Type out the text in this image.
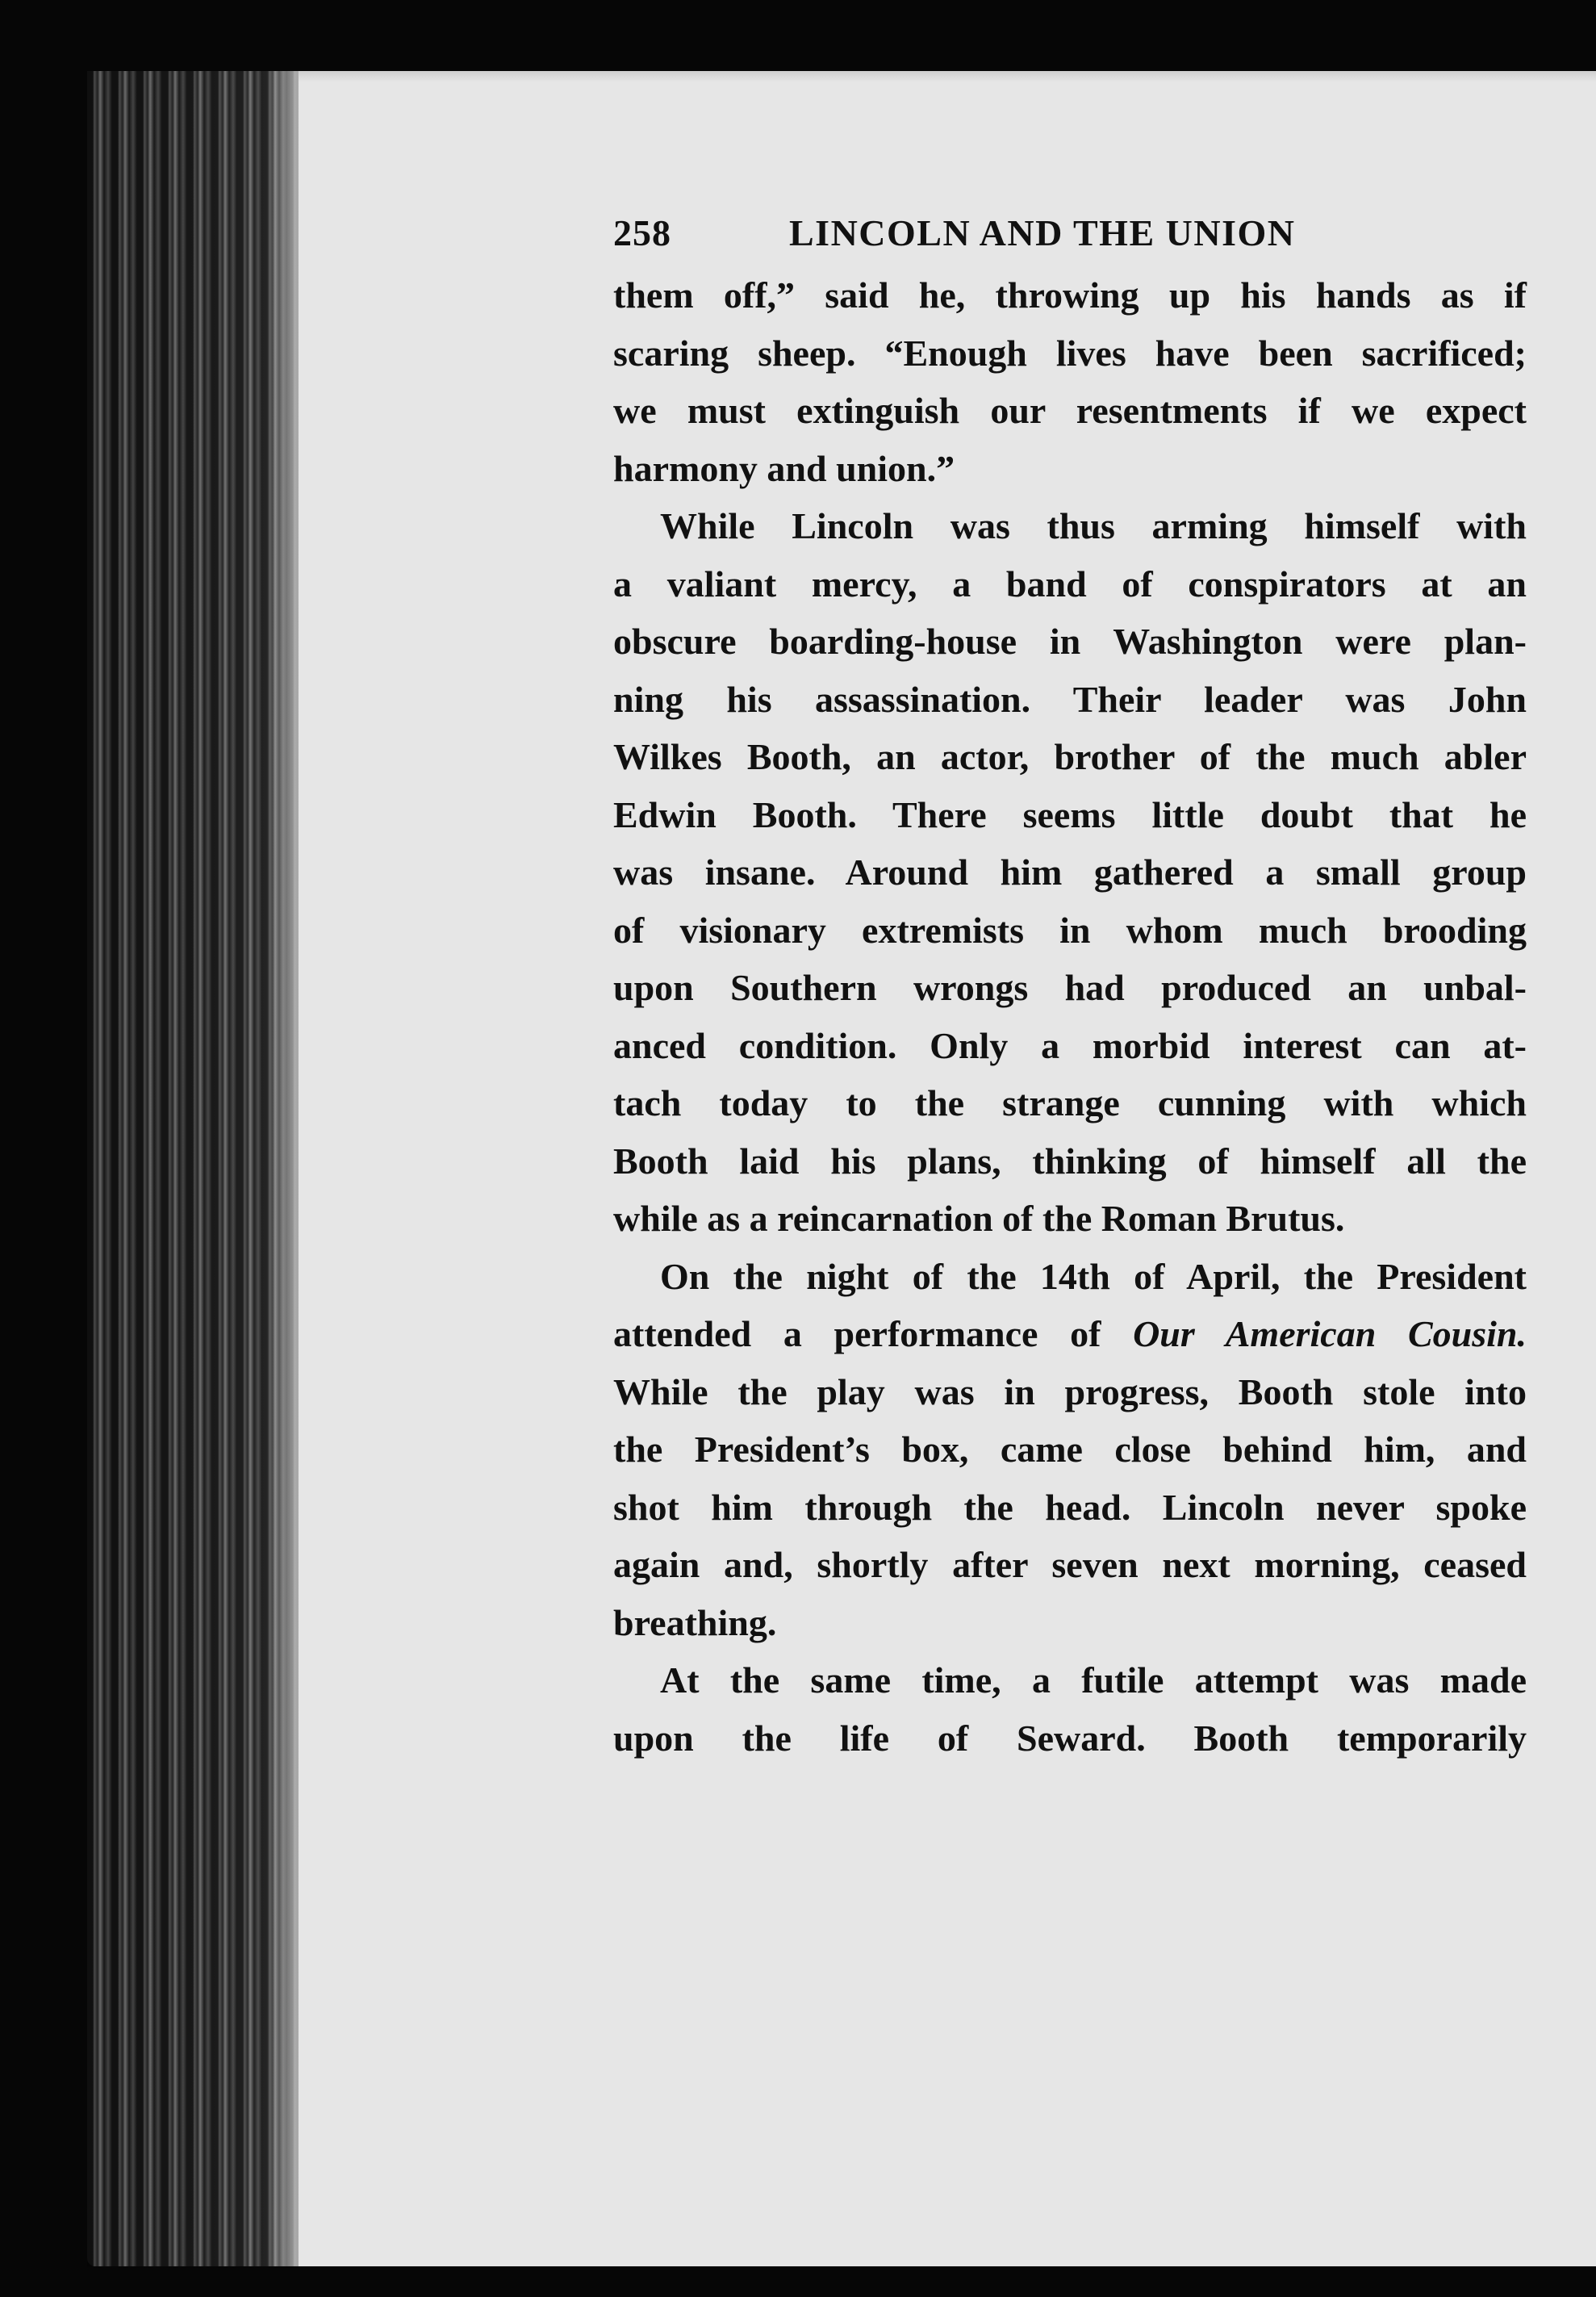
258	LINCOLN AND THE UNION
them off,” said he, throwing up his hands as if
scaring sheep. “Enough lives have been sacrificed;
we must extinguish our resentments if we expect
harmony and union.”
While Lincoln was thus arming himself with
a valiant mercy, a band of conspirators at an
obscure boarding-house in Washington were plan-
ning his assassination. Their leader was John
Wilkes Booth, an actor, brother of the much abler
Edwin Booth. There seems little doubt that he
was insane. Around him gathered a small group
of visionary extremists in whom much brooding
upon Southern wrongs had produced an unbal-
anced condition. Only a morbid interest can at-
tach today to the strange cunning with which
Booth laid his plans, thinking of himself all the
while as a reincarnation of the Roman Brutus.
On the night of the 14th of April, the President
attended a performance of Our American Cousin.
While the play was in progress, Booth stole into
the President’s box, came close behind him, and
shot him through the head. Lincoln never spoke
again and, shortly after seven next morning, ceased
breathing.
At the same time, a futile attempt was made
upon the life of Seward. Booth temporarily
